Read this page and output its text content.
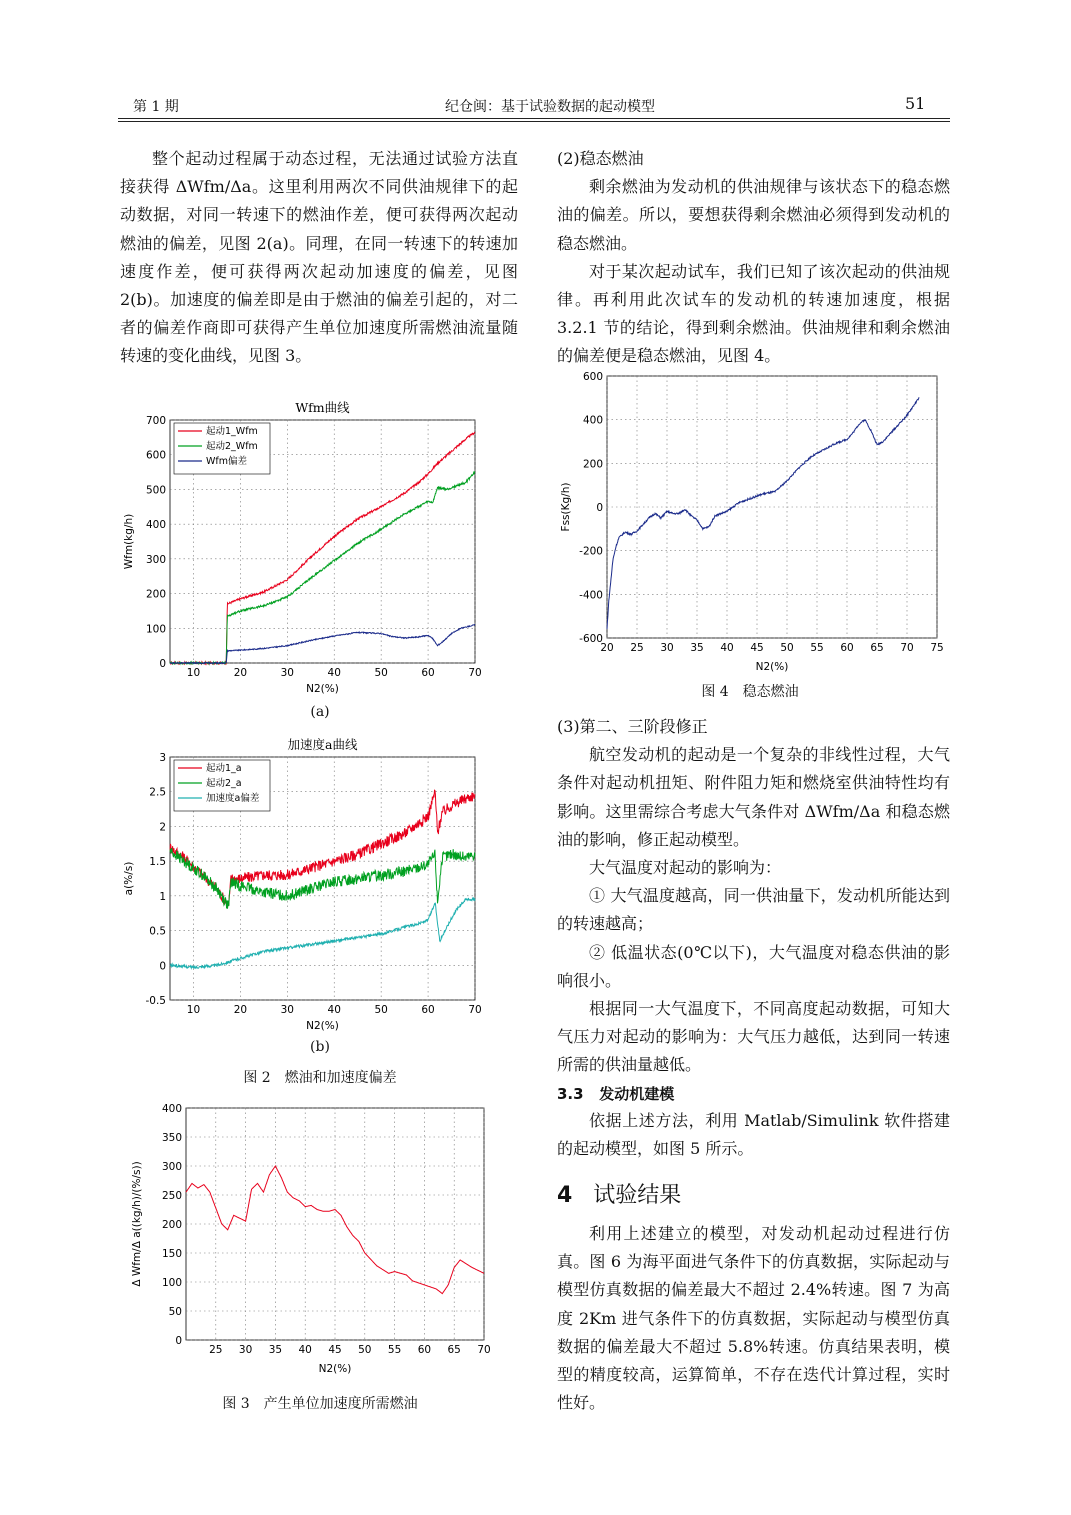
第 1 期	纪仓闽：基于试验数据的起动模型	51

整个起动过程属于动态过程，无法通过试验方法直接获得 ΔWfm/Δa。这里利用两次不同供油规律下的起动数据，对同一转速下的燃油作差，便可获得两次起动燃油的偏差，见图 2(a)。同理，在同一转速下的转速加速度作差，便可获得两次起动加速度的偏差，见图 2(b)。加速度的偏差即是由于燃油的偏差引起的，对二者的偏差作商即可获得产生单位加速度所需燃油流量随转速的变化曲线，见图 3。

10	20	30	40	50	60	70
0
100
200
300
400
500
600
700
Wfm曲线
N2(%)
Wfm(kg/h)
起动1_Wfm
起动2_Wfm
Wfm偏差
(a)
10	20	30	40	50	60	70
-0.5
0
0.5
1
1.5
2
2.5
3
加速度a曲线
N2(%)
a(%/s)
起动1_a
起动2_a
加速度a偏差
(b)
图 2　燃油和加速度偏差
25 30 35 40 45 50 55 60 65 70
0
50
100
150
200
250
300
350
400
N2(%)
Δ Wfm/Δ a((kg/h)/(%/s))
图 3　产生单位加速度所需燃油

(2)稳态燃油

剩余燃油为发动机的供油规律与该状态下的稳态燃油的偏差。所以，要想获得剩余燃油必须得到发动机的稳态燃油。

对于某次起动试车，我们已知了该次起动的供油规律。再利用此次试车的发动机的转速加速度，根据 3.2.1 节的结论，得到剩余燃油。供油规律和剩余燃油的偏差便是稳态燃油，见图 4。

20 25 30 35 40 45 50 55 60 65 70 75
-600
-400
-200
0
200
400
600
N2(%)
Fss(Kg/h)
图 4　稳态燃油

(3)第二、三阶段修正

航空发动机的起动是一个复杂的非线性过程，大气条件对起动机扭矩、附件阻力矩和燃烧室供油特性均有影响。这里需综合考虑大气条件对 ΔWfm/Δa 和稳态燃油的影响，修正起动模型。

大气温度对起动的影响为：

① 大气温度越高，同一供油量下，发动机所能达到的转速越高；

② 低温状态(0℃以下)，大气温度对稳态供油的影响很小。

根据同一大气温度下，不同高度起动数据，可知大气压力对起动的影响为：大气压力越低，达到同一转速所需的供油量越低。

3.3 发动机建模

依据上述方法，利用 Matlab/Simulink 软件搭建的起动模型，如图 5 所示。

4 试验结果

利用上述建立的模型，对发动机起动过程进行仿真。图 6 为海平面进气条件下的仿真数据，实际起动与模型仿真数据的偏差最大不超过 2.4%转速。图 7 为高度 2Km 进气条件下的仿真数据，实际起动与模型仿真数据的偏差最大不超过 5.8%转速。仿真结果表明，模型的精度较高，运算简单，不存在迭代计算过程，实时性好。
